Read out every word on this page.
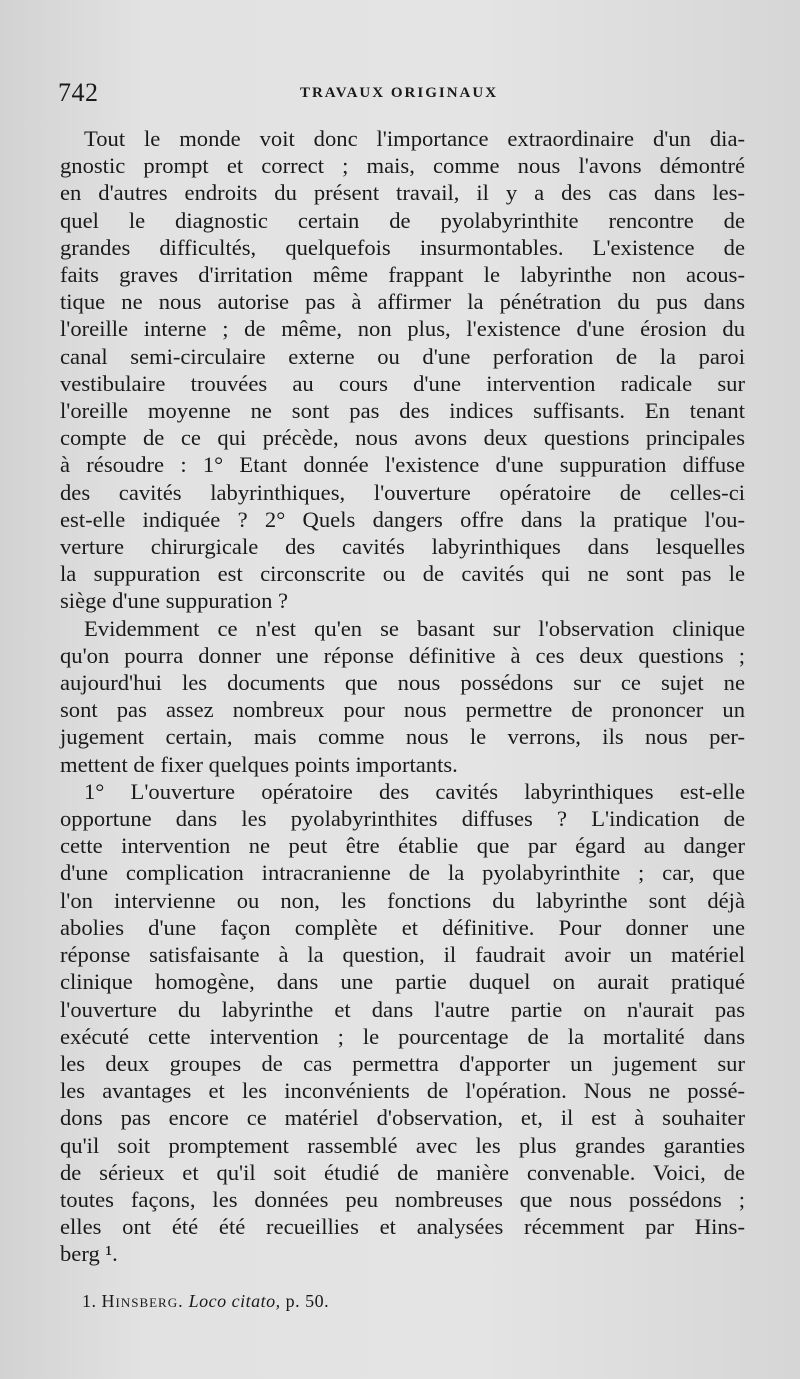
742	TRAVAUX ORIGINAUX

Tout le monde voit donc l'importance extraordinaire d'un dia-
gnostic prompt et correct ; mais, comme nous l'avons démontré
en d'autres endroits du présent travail, il y a des cas dans les-
quel le diagnostic certain de pyolabyrinthite rencontre de
grandes difficultés, quelquefois insurmontables. L'existence de
faits graves d'irritation même frappant le labyrinthe non acous-
tique ne nous autorise pas à affirmer la pénétration du pus dans
l'oreille interne ; de même, non plus, l'existence d'une érosion du
canal semi-circulaire externe ou d'une perforation de la paroi
vestibulaire trouvées au cours d'une intervention radicale sur
l'oreille moyenne ne sont pas des indices suffisants. En tenant
compte de ce qui précède, nous avons deux questions principales
à résoudre : 1° Etant donnée l'existence d'une suppuration diffuse
des cavités labyrinthiques, l'ouverture opératoire de celles-ci
est-elle indiquée ? 2° Quels dangers offre dans la pratique l'ou-
verture chirurgicale des cavités labyrinthiques dans lesquelles
la suppuration est circonscrite ou de cavités qui ne sont pas le
siège d'une suppuration ?

Evidemment ce n'est qu'en se basant sur l'observation clinique
qu'on pourra donner une réponse définitive à ces deux questions ;
aujourd'hui les documents que nous possédons sur ce sujet ne
sont pas assez nombreux pour nous permettre de prononcer un
jugement certain, mais comme nous le verrons, ils nous per-
mettent de fixer quelques points importants.

1° L'ouverture opératoire des cavités labyrinthiques est-elle
opportune dans les pyolabyrinthites diffuses ? L'indication de
cette intervention ne peut être établie que par égard au danger
d'une complication intracranienne de la pyolabyrinthite ; car, que
l'on intervienne ou non, les fonctions du labyrinthe sont déjà
abolies d'une façon complète et définitive. Pour donner une
réponse satisfaisante à la question, il faudrait avoir un matériel
clinique homogène, dans une partie duquel on aurait pratiqué
l'ouverture du labyrinthe et dans l'autre partie on n'aurait pas
exécuté cette intervention ; le pourcentage de la mortalité dans
les deux groupes de cas permettra d'apporter un jugement sur
les avantages et les inconvénients de l'opération. Nous ne possé-
dons pas encore ce matériel d'observation, et, il est à souhaiter
qu'il soit promptement rassemblé avec les plus grandes garanties
de sérieux et qu'il soit étudié de manière convenable. Voici, de
toutes façons, les données peu nombreuses que nous possédons ;
elles ont été été recueillies et analysées récemment par Hins-
berg ¹.

1. Hinsberg. Loco citato, p. 50.
